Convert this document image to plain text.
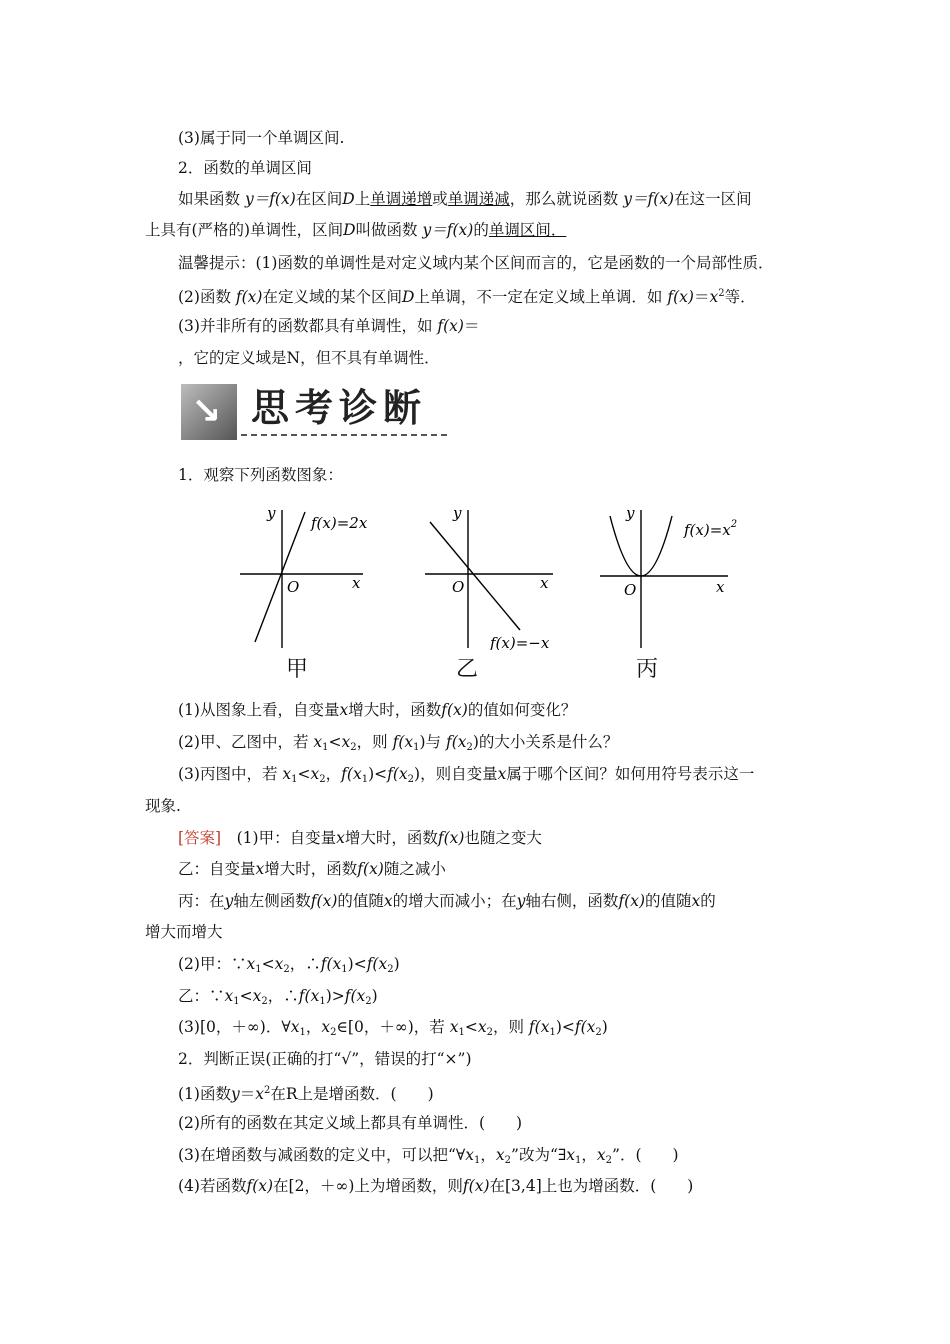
(3)属于同一个单调区间.
2．函数的单调区间
如果函数 y＝f(x)在区间D上单调递增或单调递减，那么就说函数 y＝f(x)在这一区间
上具有(严格的)单调性，区间D叫做函数 y＝f(x)的单调区间．
温馨提示：(1)函数的单调性是对定义域内某个区间而言的，它是函数的一个局部性质．
(2)函数 f(x)在定义域的某个区间D上单调，不一定在定义域上单调．如 $f(x)=x^2$等．
(3)并非所有的函数都具有单调性，如 f(x)＝
，它的定义域是N，但不具有单调性．
↘ 思考诊断
1．观察下列函数图象：
y
x
O
f(x)=2x
甲
y
x
O
f(x)=−x
乙
y
x
O
$f(x)=x^2$
丙
(1)从图象上看，自变量x增大时，函数f(x)的值如何变化？
(2)甲、乙图中，若 $x_1<x_2$，则 $f(x_1)$与 $f(x_2)$的大小关系是什么？
(3)丙图中，若 $x_1<x_2$，$f(x_1)<f(x_2)$，则自变量x属于哪个区间？如何用符号表示这一
现象.
[答案]　(1)甲：自变量x增大时，函数f(x)也随之变大
乙：自变量x增大时，函数f(x)随之减小
丙：在y轴左侧函数f(x)的值随x的增大而减小；在y轴右侧，函数f(x)的值随x的
增大而增大
(2)甲：$\because x_1<x_2$，$\therefore f(x_1)<f(x_2)$
乙：$\because x_1<x_2$，$\therefore f(x_1)>f(x_2)$
(3)[0，＋∞)．$\forall x_1$，$x_2\in[0$，＋∞)，若 $x_1<x_2$，则 $f(x_1)<f(x_2)$
2．判断正误(正确的打“√”，错误的打“×”)
(1)函数$y=x^2$在R上是增函数．(　　)
(2)所有的函数在其定义域上都具有单调性．(　　)
(3)在增函数与减函数的定义中，可以把“$\forall x_1$，$x_2$”改为“$\exists x_1$，$x_2$”．(　　)
(4)若函数f(x)在[2，＋∞)上为增函数，则f(x)在[3,4]上也为增函数．(　　)
